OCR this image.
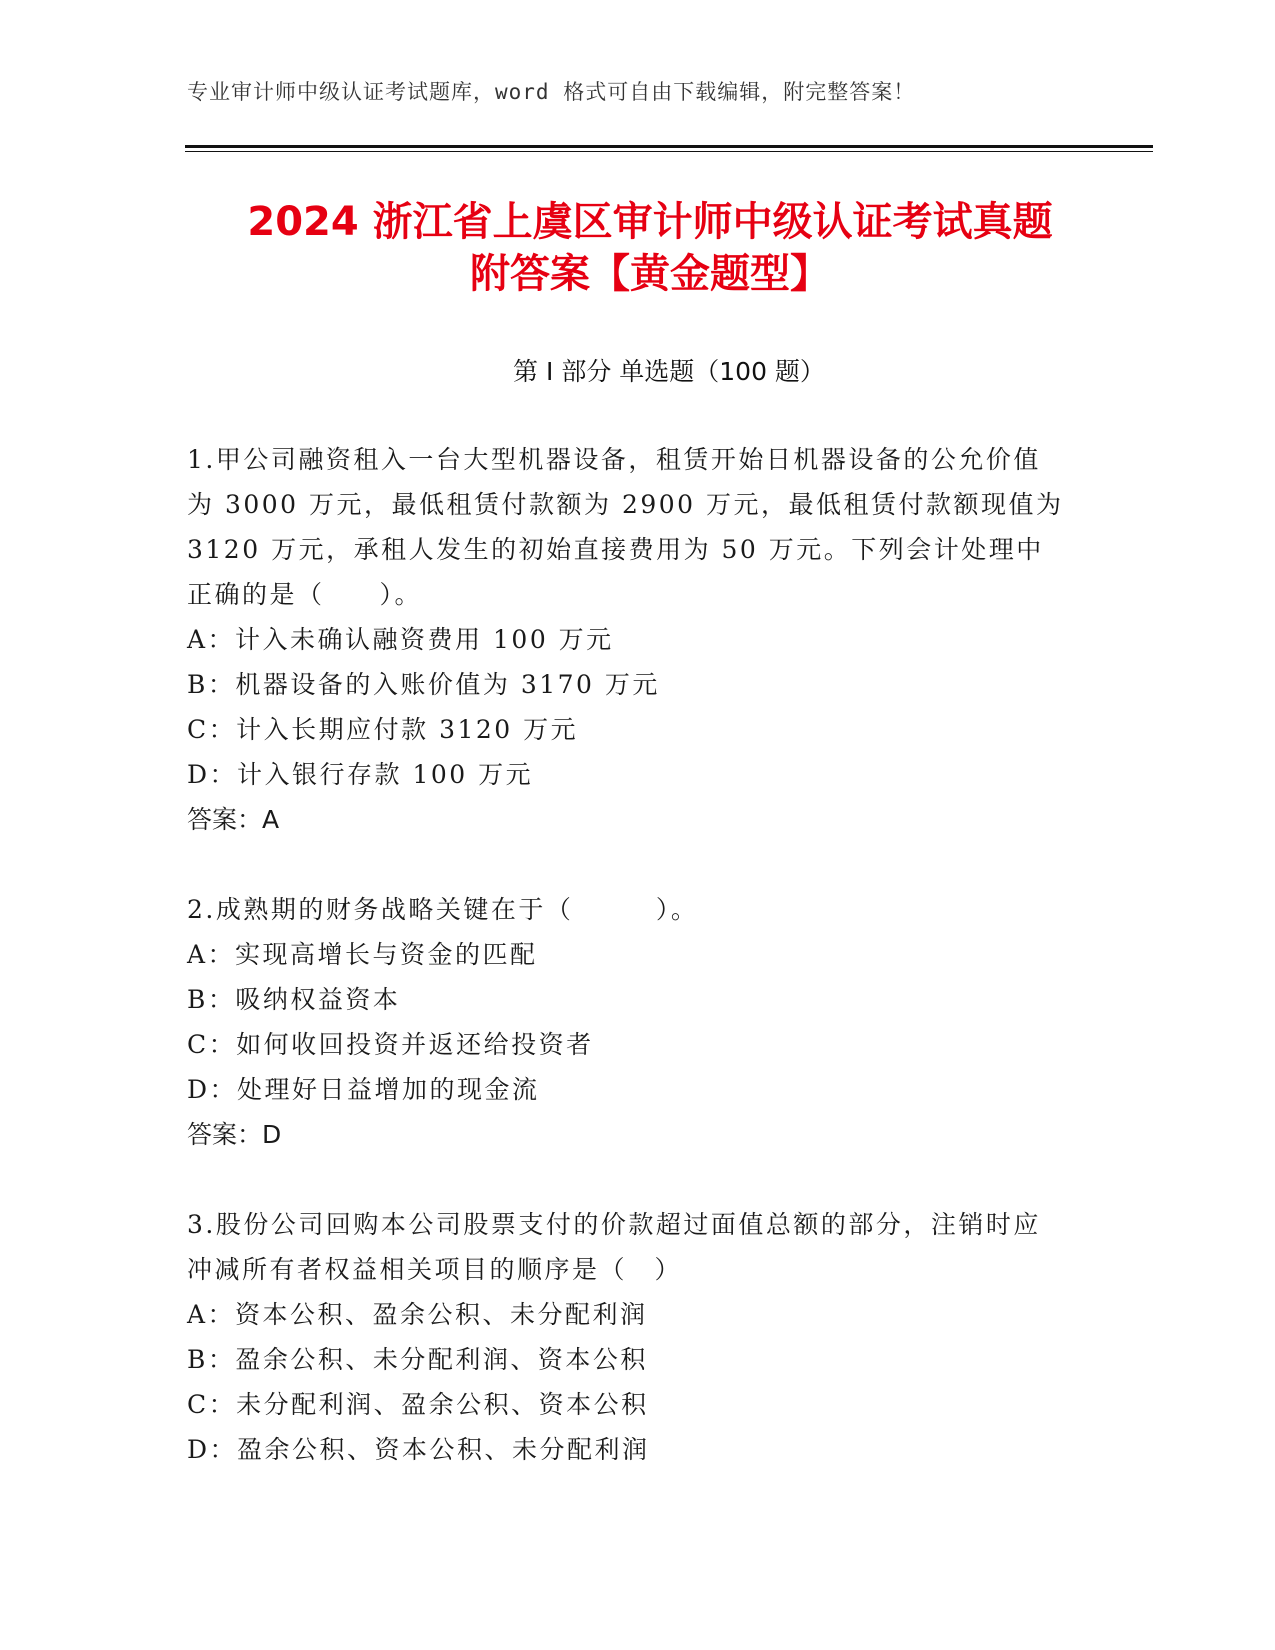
专业审计师中级认证考试题库，word 格式可自由下载编辑，附完整答案！
2024 浙江省上虞区审计师中级认证考试真题
附答案【黄金题型】
第 I 部分 单选题（100 题）

1.甲公司融资租入一台大型机器设备，租赁开始日机器设备的公允价值为 3000 万元，最低租赁付款额为 2900 万元，最低租赁付款额现值为 3120 万元，承租人发生的初始直接费用为 50 万元。下列会计处理中正确的是（　　）。

A：计入未确认融资费用 100 万元

B：机器设备的入账价值为 3170 万元

C：计入长期应付款 3120 万元

D：计入银行存款 100 万元

答案：A

2.成熟期的财务战略关键在于（　　　）。

A：实现高增长与资金的匹配

B：吸纳权益资本

C：如何收回投资并返还给投资者

D：处理好日益增加的现金流

答案：D

3.股份公司回购本公司股票支付的价款超过面值总额的部分，注销时应冲减所有者权益相关项目的顺序是（　）

A：资本公积、盈余公积、未分配利润

B：盈余公积、未分配利润、资本公积

C：未分配利润、盈余公积、资本公积

D：盈余公积、资本公积、未分配利润
